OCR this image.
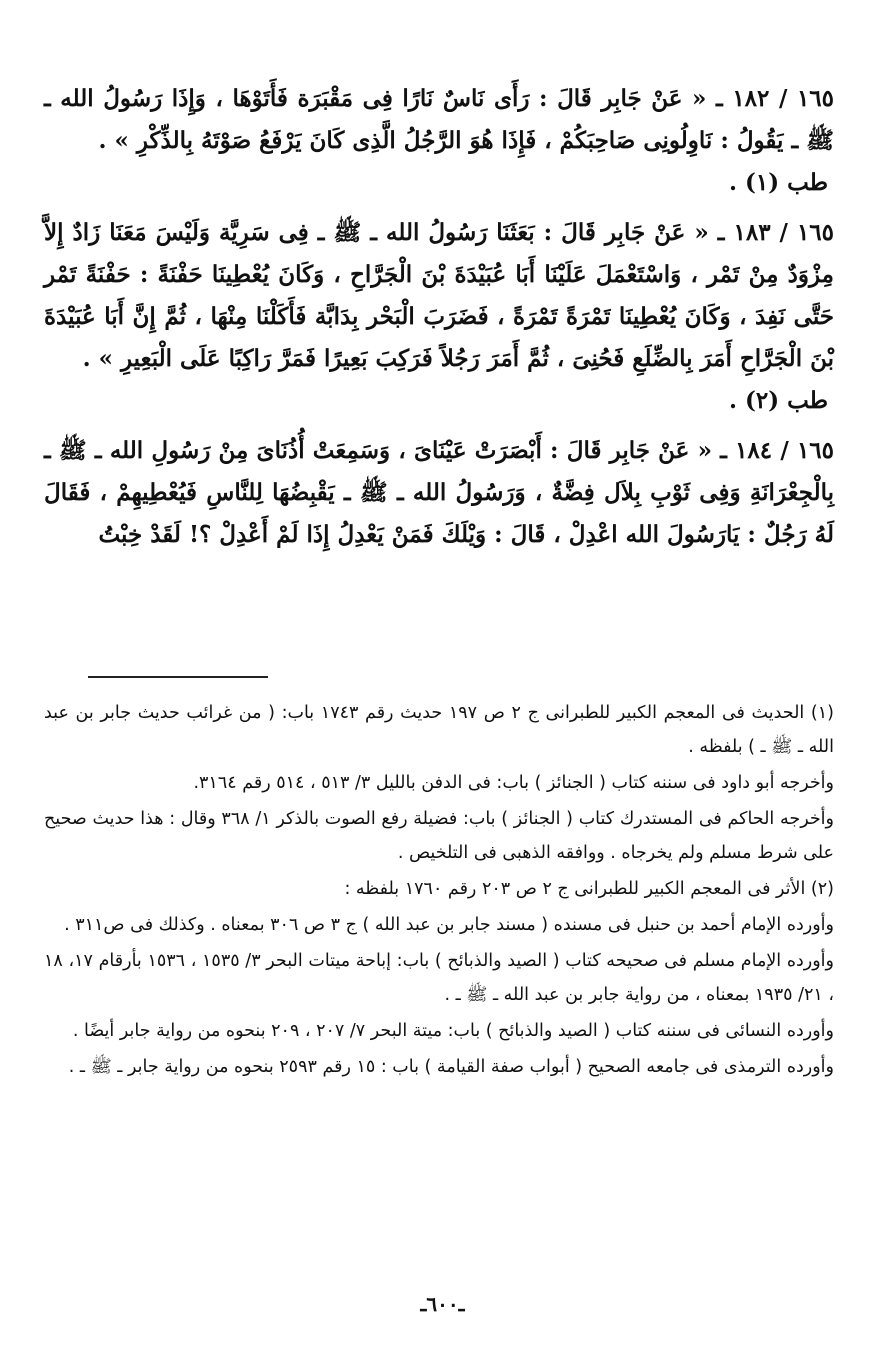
١٦٥ / ١٨٢ ـ « عَنْ جَابِر قَالَ : رَأَى نَاسٌ نَارًا فِى مَقْبَرَة فَأَتَوْهَا ، وَإِذَا رَسُولُ الله ـ ﷺ ـ يَقُولُ : نَاوِلُونِى صَاحِبَكُمْ ، فَإِذَا هُوَ الرَّجُلُ الَّذِى كَانَ يَرْفَعُ صَوْتَهُ بِالذِّكْرِ » .

طب (١) .

١٦٥ / ١٨٣ ـ « عَنْ جَابِر قَالَ : بَعَثَنَا رَسُولُ الله ـ ﷺ ـ فِى سَرِيَّة وَلَيْسَ مَعَنَا زَادٌ إِلاَّ مِزْوَدٌ مِنْ تَمْر ، وَاسْتَعْمَلَ عَلَيْنَا أَبَا عُبَيْدَةَ بْنَ الْجَرَّاحِ ، وَكَانَ يُعْطِينَا حَفْنَةً : حَفْنَةً تَمْر حَتَّى نَفِدَ ، وَكَانَ يُعْطِينَا تَمْرَةً تَمْرَةً ، فَضَرَبَ الْبَحْر بِدَابَّة فَأَكَلْنَا مِنْهَا ، ثُمَّ إِنَّ أَبَا عُبَيْدَةَ بْنَ الْجَرَّاحِ أَمَرَ بِالضِّلَعِ فَحُنِىَ ، ثُمَّ أَمَرَ رَجُلاً فَرَكِبَ بَعِيرًا فَمَرَّ رَاكِبًا عَلَى الْبَعِيرِ » .

طب (٢) .

١٦٥ / ١٨٤ ـ « عَنْ جَابِر قَالَ : أَبْصَرَتْ عَيْنَاىَ ، وَسَمِعَتْ أُذُنَاىَ مِنْ رَسُولِ الله ـ ﷺ ـ بِالْجِعْرَانَةِ وَفِى ثَوْبِ بِلاَل فِضَّةٌ ، وَرَسُولُ الله ـ ﷺ ـ يَقْبِضُهَا لِلنَّاسِ فَيُعْطِيهِمْ ، فَقَالَ لَهُ رَجُلٌ : يَارَسُولَ الله اعْدِلْ ، قَالَ : وَيْلَكَ فَمَنْ يَعْدِلُ إِذَا لَمْ أَعْدِلْ ؟! لَقَدْ خِبْتُ

(١) الحديث فى المعجم الكبير للطبرانى ج ٢ ص ١٩٧ حديث رقم ١٧٤٣ باب: ( من غرائب حديث جابر بن عبد الله ـ ﷺ ـ ) بلفظه .

وأخرجه أبو داود فى سننه كتاب ( الجنائز ) باب: فى الدفن بالليل ٣/ ٥١٣ ، ٥١٤ رقم ٣١٦٤.

وأخرجه الحاكم فى المستدرك كتاب ( الجنائز ) باب: فضيلة رفع الصوت بالذكر ١/ ٣٦٨ وقال : هذا حديث صحيح على شرط مسلم ولم يخرجاه . ووافقه الذهبى فى التلخيص .

(٢) الأثر فى المعجم الكبير للطبرانى ج ٢ ص ٢٠٣ رقم ١٧٦٠ بلفظه :

وأورده الإمام أحمد بن حنبل فى مسنده ( مسند جابر بن عبد الله ) ج ٣ ص ٣٠٦ بمعناه . وكذلك فى ص٣١١ .

وأورده الإمام مسلم فى صحيحه كتاب ( الصيد والذبائح ) باب: إباحة ميتات البحر ٣/ ١٥٣٥ ، ١٥٣٦ بأرقام ١٧، ١٨ ، ٢١/ ١٩٣٥ بمعناه ، من رواية جابر بن عبد الله ـ ﷺ ـ .

وأورده النسائى فى سننه كتاب ( الصيد والذبائح ) باب: ميتة البحر ٧/ ٢٠٧ ، ٢٠٩ بنحوه من رواية جابر أيضًا .

وأورده الترمذى فى جامعه الصحيح ( أبواب صفة القيامة ) باب : ١٥ رقم ٢٥٩٣ بنحوه من رواية جابر ـ ﷺ ـ .

ـ٦٠٠ـ
